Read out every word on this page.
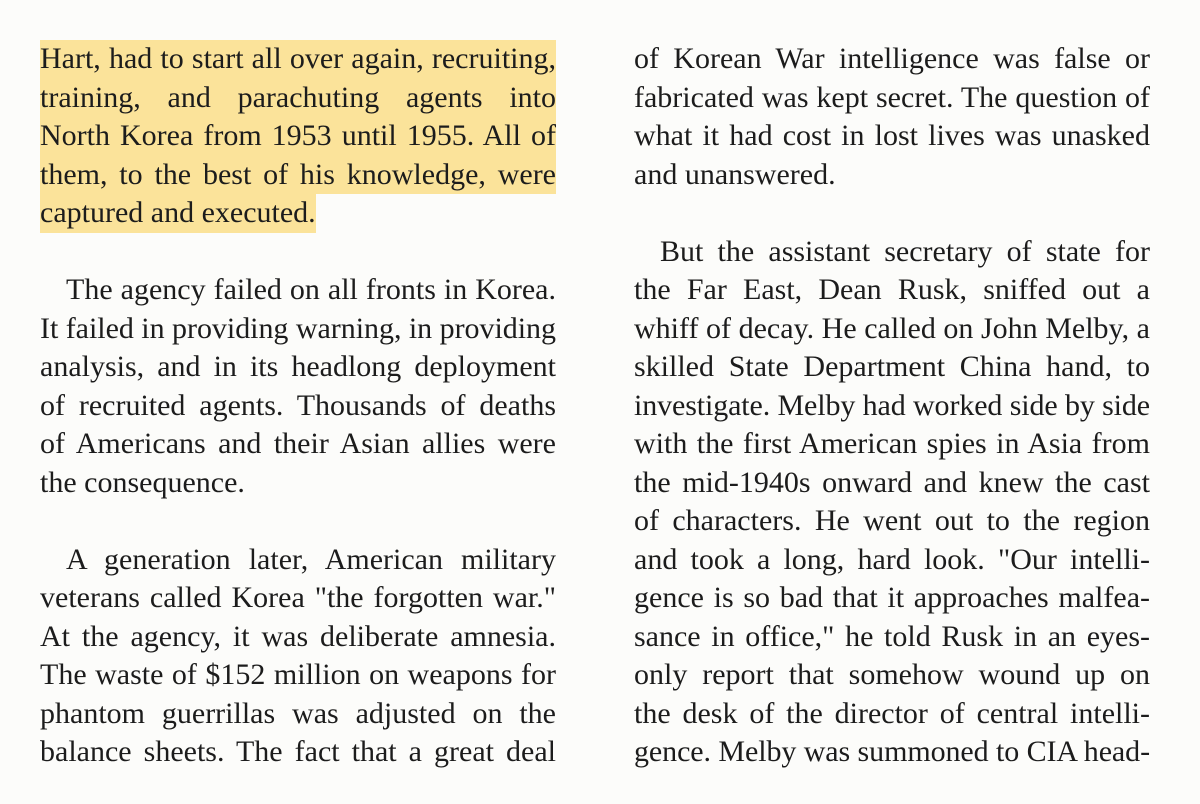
Hart, had to start all over again, recruiting,
training, and parachuting agents into
North Korea from 1953 until 1955. All of
them, to the best of his knowledge, were
captured and executed.
The agency failed on all fronts in Korea.
It failed in providing warning, in providing
analysis, and in its headlong deployment
of recruited agents. Thousands of deaths
of Americans and their Asian allies were
the consequence.
A generation later, American military
veterans called Korea "the forgotten war."
At the agency, it was deliberate amnesia.
The waste of $152 million on weapons for
phantom guerrillas was adjusted on the
balance sheets. The fact that a great deal
of Korean War intelligence was false or
fabricated was kept secret. The question of
what it had cost in lost lives was unasked
and unanswered.
But the assistant secretary of state for
the Far East, Dean Rusk, sniffed out a
whiff of decay. He called on John Melby, a
skilled State Department China hand, to
investigate. Melby had worked side by side
with the first American spies in Asia from
the mid-1940s onward and knew the cast
of characters. He went out to the region
and took a long, hard look. "Our intelli-
gence is so bad that it approaches malfea-
sance in office," he told Rusk in an eyes-
only report that somehow wound up on
the desk of the director of central intelli-
gence. Melby was summoned to CIA head-
